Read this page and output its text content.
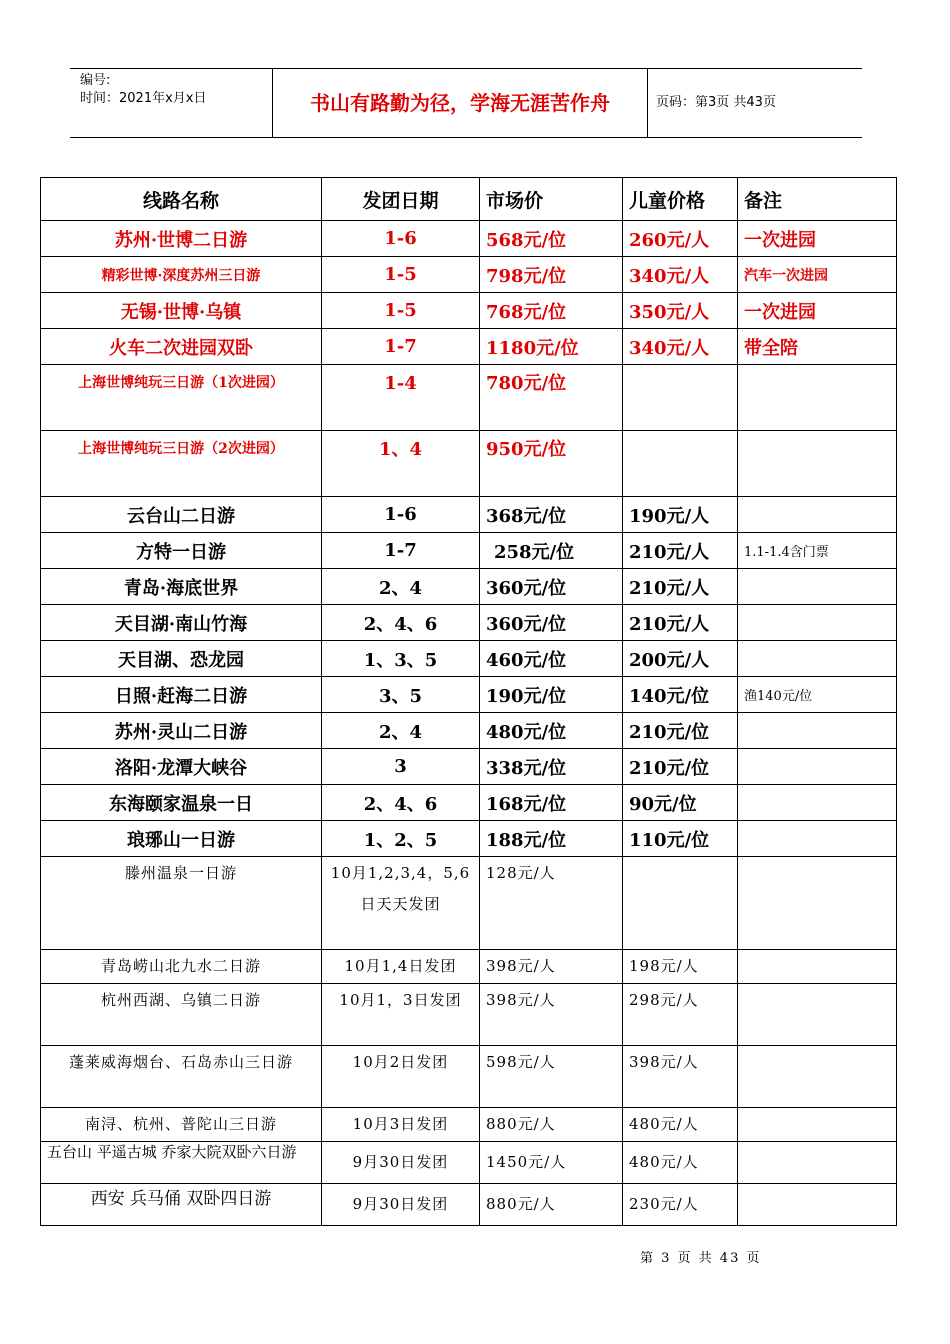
编号:
时间：2021年x月x日	书山有路勤为径，学海无涯苦作舟	页码：第3页 共43页
线路名称	发团日期	市场价	儿童价格	备注
苏州·世博二日游	1-6	568元/位	260元/人	一次进园
精彩世博·深度苏州三日游	1-5	798元/位	340元/人	汽车一次进园
无锡·世博·乌镇	1-5	768元/位	350元/人	一次进园
火车二次进园双卧	1-7	1180元/位	340元/人	带全陪
上海世博纯玩三日游（1次进园）	1-4	780元/位		
上海世博纯玩三日游（2次进园）	1、4	950元/位		
云台山二日游	1-6	368元/位	190元/人	
方特一日游	1-7	258元/位	210元/人	1.1-1.4含门票
青岛·海底世界	2、4	360元/位	210元/人	
天目湖·南山竹海	2、4、6	360元/位	210元/人	
天目湖、恐龙园	1、3、5	460元/位	200元/人	
日照·赶海二日游	3、5	190元/位	140元/位	渔140元/位
苏州·灵山二日游	2、4	480元/位	210元/位	
洛阳·龙潭大峡谷	3	338元/位	210元/位	
东海颐家温泉一日	2、4、6	168元/位	90元/位	
琅琊山一日游	1、2、5	188元/位	110元/位	
滕州温泉一日游	10月1,2,3,4，5,6日天天发团	128元/人		
青岛崂山北九水二日游	10月1,4日发团	398元/人	198元/人	
杭州西湖、乌镇二日游	10月1，3日发团	398元/人	298元/人	
蓬莱威海烟台、石岛赤山三日游	10月2日发团	598元/人	398元/人	
南浔、杭州、普陀山三日游	10月3日发团	880元/人	480元/人	
五台山 平遥古城 乔家大院双卧六日游	9月30日发团	1450元/人	480元/人	
西安 兵马俑 双卧四日游	9月30日发团	880元/人	230元/人	
第 3 页 共 43 页
